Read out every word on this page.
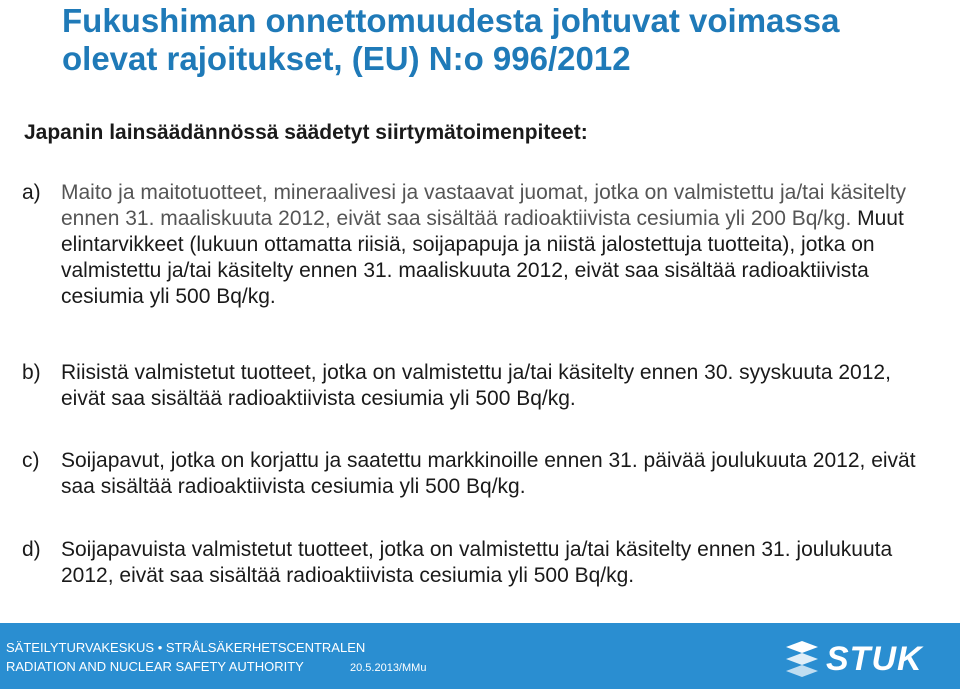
Fukushiman onnettomuudesta johtuvat voimassa olevat rajoitukset, (EU) N:o 996/2012
Japanin lainsäädännössä säädetyt siirtymätoimenpiteet:
a) Maito ja maitotuotteet, mineraalivesi ja vastaavat juomat, jotka on valmistettu ja/tai käsitelty ennen 31. maaliskuuta 2012, eivät saa sisältää radioaktiivista cesiumia yli 200 Bq/kg. Muut elintarvikkeet (lukuun ottamatta riisiä, soijapapuja ja niistä jalostettuja tuotteita), jotka on valmistettu ja/tai käsitelty ennen 31. maaliskuuta 2012, eivät saa sisältää radioaktiivista cesiumia yli 500 Bq/kg.
b) Riisistä valmistetut tuotteet, jotka on valmistettu ja/tai käsitelty ennen 30. syyskuuta 2012, eivät saa sisältää radioaktiivista cesiumia yli 500 Bq/kg.
c) Soijapavut, jotka on korjattu ja saatettu markkinoille ennen 31. päivää joulukuuta 2012, eivät saa sisältää radioaktiivista cesiumia yli 500 Bq/kg.
d) Soijapavuista valmistetut tuotteet, jotka on valmistettu ja/tai käsitelty ennen 31. joulukuuta 2012, eivät saa sisältää radioaktiivista cesiumia yli 500 Bq/kg.
SÄTEILYTURVAKESKUS • STRÅLSÄKERHETSCENTRALEN
RADIATION AND NUCLEAR SAFETY AUTHORITY	20.5.2013/MMu	STUK
